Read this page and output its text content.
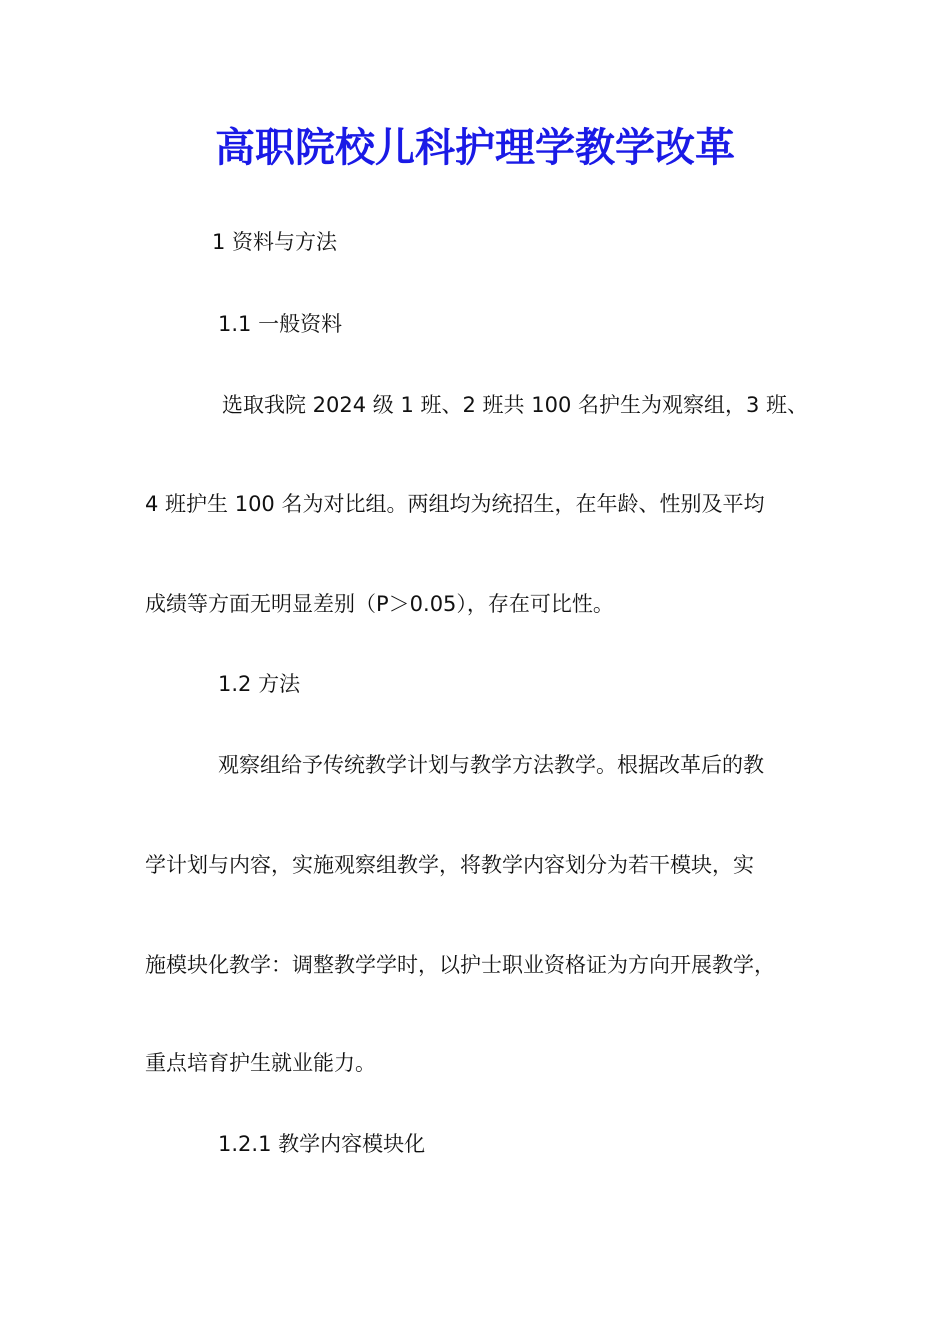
高职院校儿科护理学教学改革
1 资料与方法
1.1 一般资料
选取我院 2024 级 1 班、2 班共 100 名护生为观察组，3 班、
4 班护生 100 名为对比组。两组均为统招生，在年龄、性别及平均
成绩等方面无明显差别（P＞0.05），存在可比性。
1.2 方法
观察组给予传统教学计划与教学方法教学。根据改革后的教
学计划与内容，实施观察组教学，将教学内容划分为若干模块，实
施模块化教学：调整教学学时，以护士职业资格证为方向开展教学，
重点培育护生就业能力。
1.2.1 教学内容模块化
